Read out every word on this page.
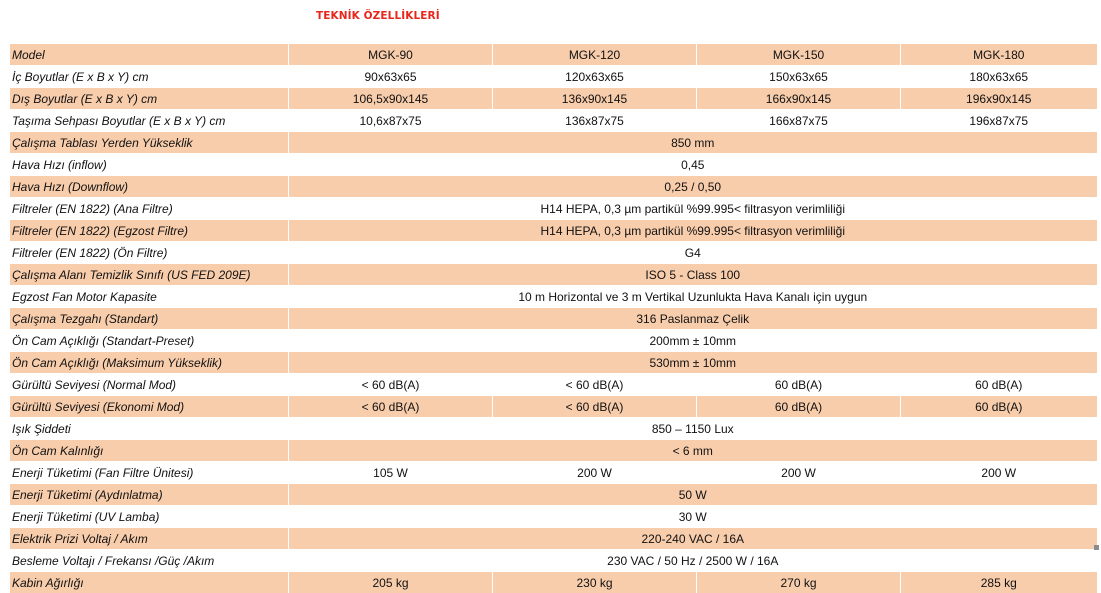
TEKNİK ÖZELLİKLERİ
Model	MGK-90	MGK-120	MGK-150	MGK-180
İç Boyutlar (E x B x Y) cm	90x63x65	120x63x65	150x63x65	180x63x65
Dış Boyutlar (E x B x Y) cm	106,5x90x145	136x90x145	166x90x145	196x90x145
Taşıma Sehpası Boyutlar (E x B x Y) cm	10,6x87x75	136x87x75	166x87x75	196x87x75
Çalışma Tablası Yerden Yükseklik	850 mm			
Hava Hızı (inflow)	0,45			
Hava Hızı (Downflow)	0,25 / 0,50			
Filtreler (EN 1822) (Ana Filtre)	H14 HEPA, 0,3 µm partikül %99.995< filtrasyon verimliliği			
Filtreler (EN 1822) (Egzost Filtre)	H14 HEPA, 0,3 µm partikül %99.995< filtrasyon verimliliği			
Filtreler (EN 1822) (Ön Filtre)	G4			
Çalışma Alanı Temizlik Sınıfı (US FED 209E)	ISO 5 - Class 100			
Egzost Fan Motor Kapasite	10 m Horizontal ve 3 m Vertikal Uzunlukta Hava Kanalı için uygun			
Çalışma Tezgahı (Standart)	316 Paslanmaz Çelik			
Ön Cam Açıklığı (Standart-Preset)	200mm ± 10mm			
Ön Cam Açıklığı (Maksimum Yükseklik)	530mm ± 10mm			
Gürültü Seviyesi (Normal Mod)	< 60 dB(A)	< 60 dB(A)	60 dB(A)	60 dB(A)
Gürültü Seviyesi (Ekonomi Mod)	< 60 dB(A)	< 60 dB(A)	60 dB(A)	60 dB(A)
Işık Şiddeti	850 – 1150 Lux			
Ön Cam Kalınlığı	< 6 mm			
Enerji Tüketimi (Fan Filtre Ünitesi)	105 W	200 W	200 W	200 W
Enerji Tüketimi (Aydınlatma)	50 W			
Enerji Tüketimi (UV Lamba)	30 W			
Elektrik Prizi Voltaj / Akım	220-240 VAC / 16A			
Besleme Voltajı / Frekansı /Güç /Akım	230 VAC / 50 Hz / 2500 W / 16A			
Kabin Ağırlığı	205 kg	230 kg	270 kg	285 kg
